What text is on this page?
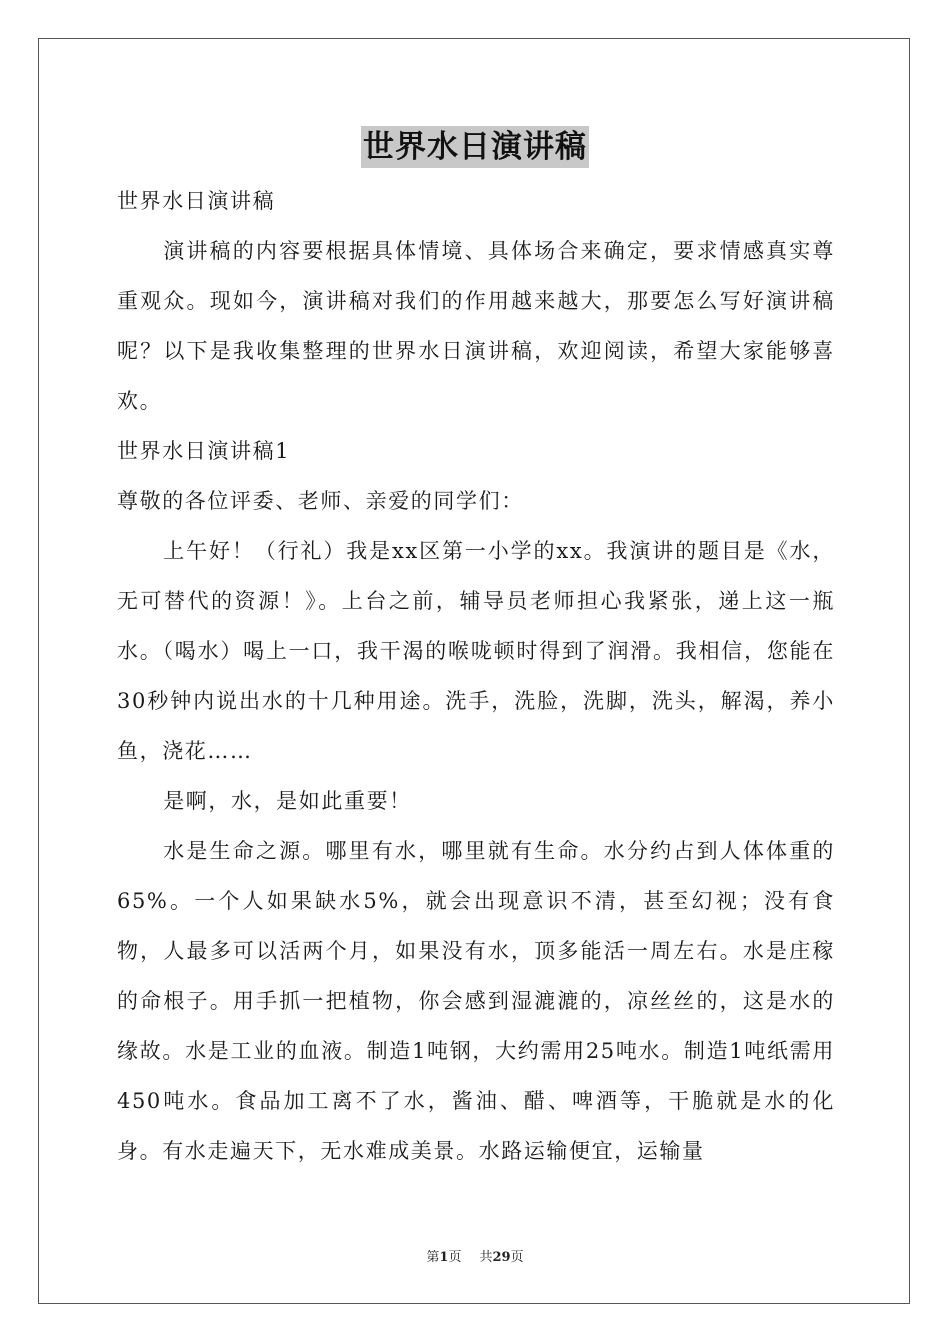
世界水日演讲稿

世界水日演讲稿

演讲稿的内容要根据具体情境、具体场合来确定，要求情感真实尊重观众。现如今，演讲稿对我们的作用越来越大，那要怎么写好演讲稿呢？以下是我收集整理的世界水日演讲稿，欢迎阅读，希望大家能够喜欢。

世界水日演讲稿1

尊敬的各位评委、老师、亲爱的同学们：

上午好！（行礼）我是xx区第一小学的xx。我演讲的题目是《水，无可替代的资源！》。上台之前，辅导员老师担心我紧张，递上这一瓶水。（喝水）喝上一口，我干渴的喉咙顿时得到了润滑。我相信，您能在30秒钟内说出水的十几种用途。洗手，洗脸，洗脚，洗头，解渴，养小鱼，浇花……

是啊，水，是如此重要！

水是生命之源。哪里有水，哪里就有生命。水分约占到人体体重的65%。一个人如果缺水5%，就会出现意识不清，甚至幻视；没有食物，人最多可以活两个月，如果没有水，顶多能活一周左右。水是庄稼的命根子。用手抓一把植物，你会感到湿漉漉的，凉丝丝的，这是水的缘故。水是工业的血液。制造1吨钢，大约需用25吨水。制造1吨纸需用450吨水。食品加工离不了水，酱油、醋、啤酒等，干脆就是水的化身。有水走遍天下，无水难成美景。水路运输便宜，运输量

第1页 共29页
